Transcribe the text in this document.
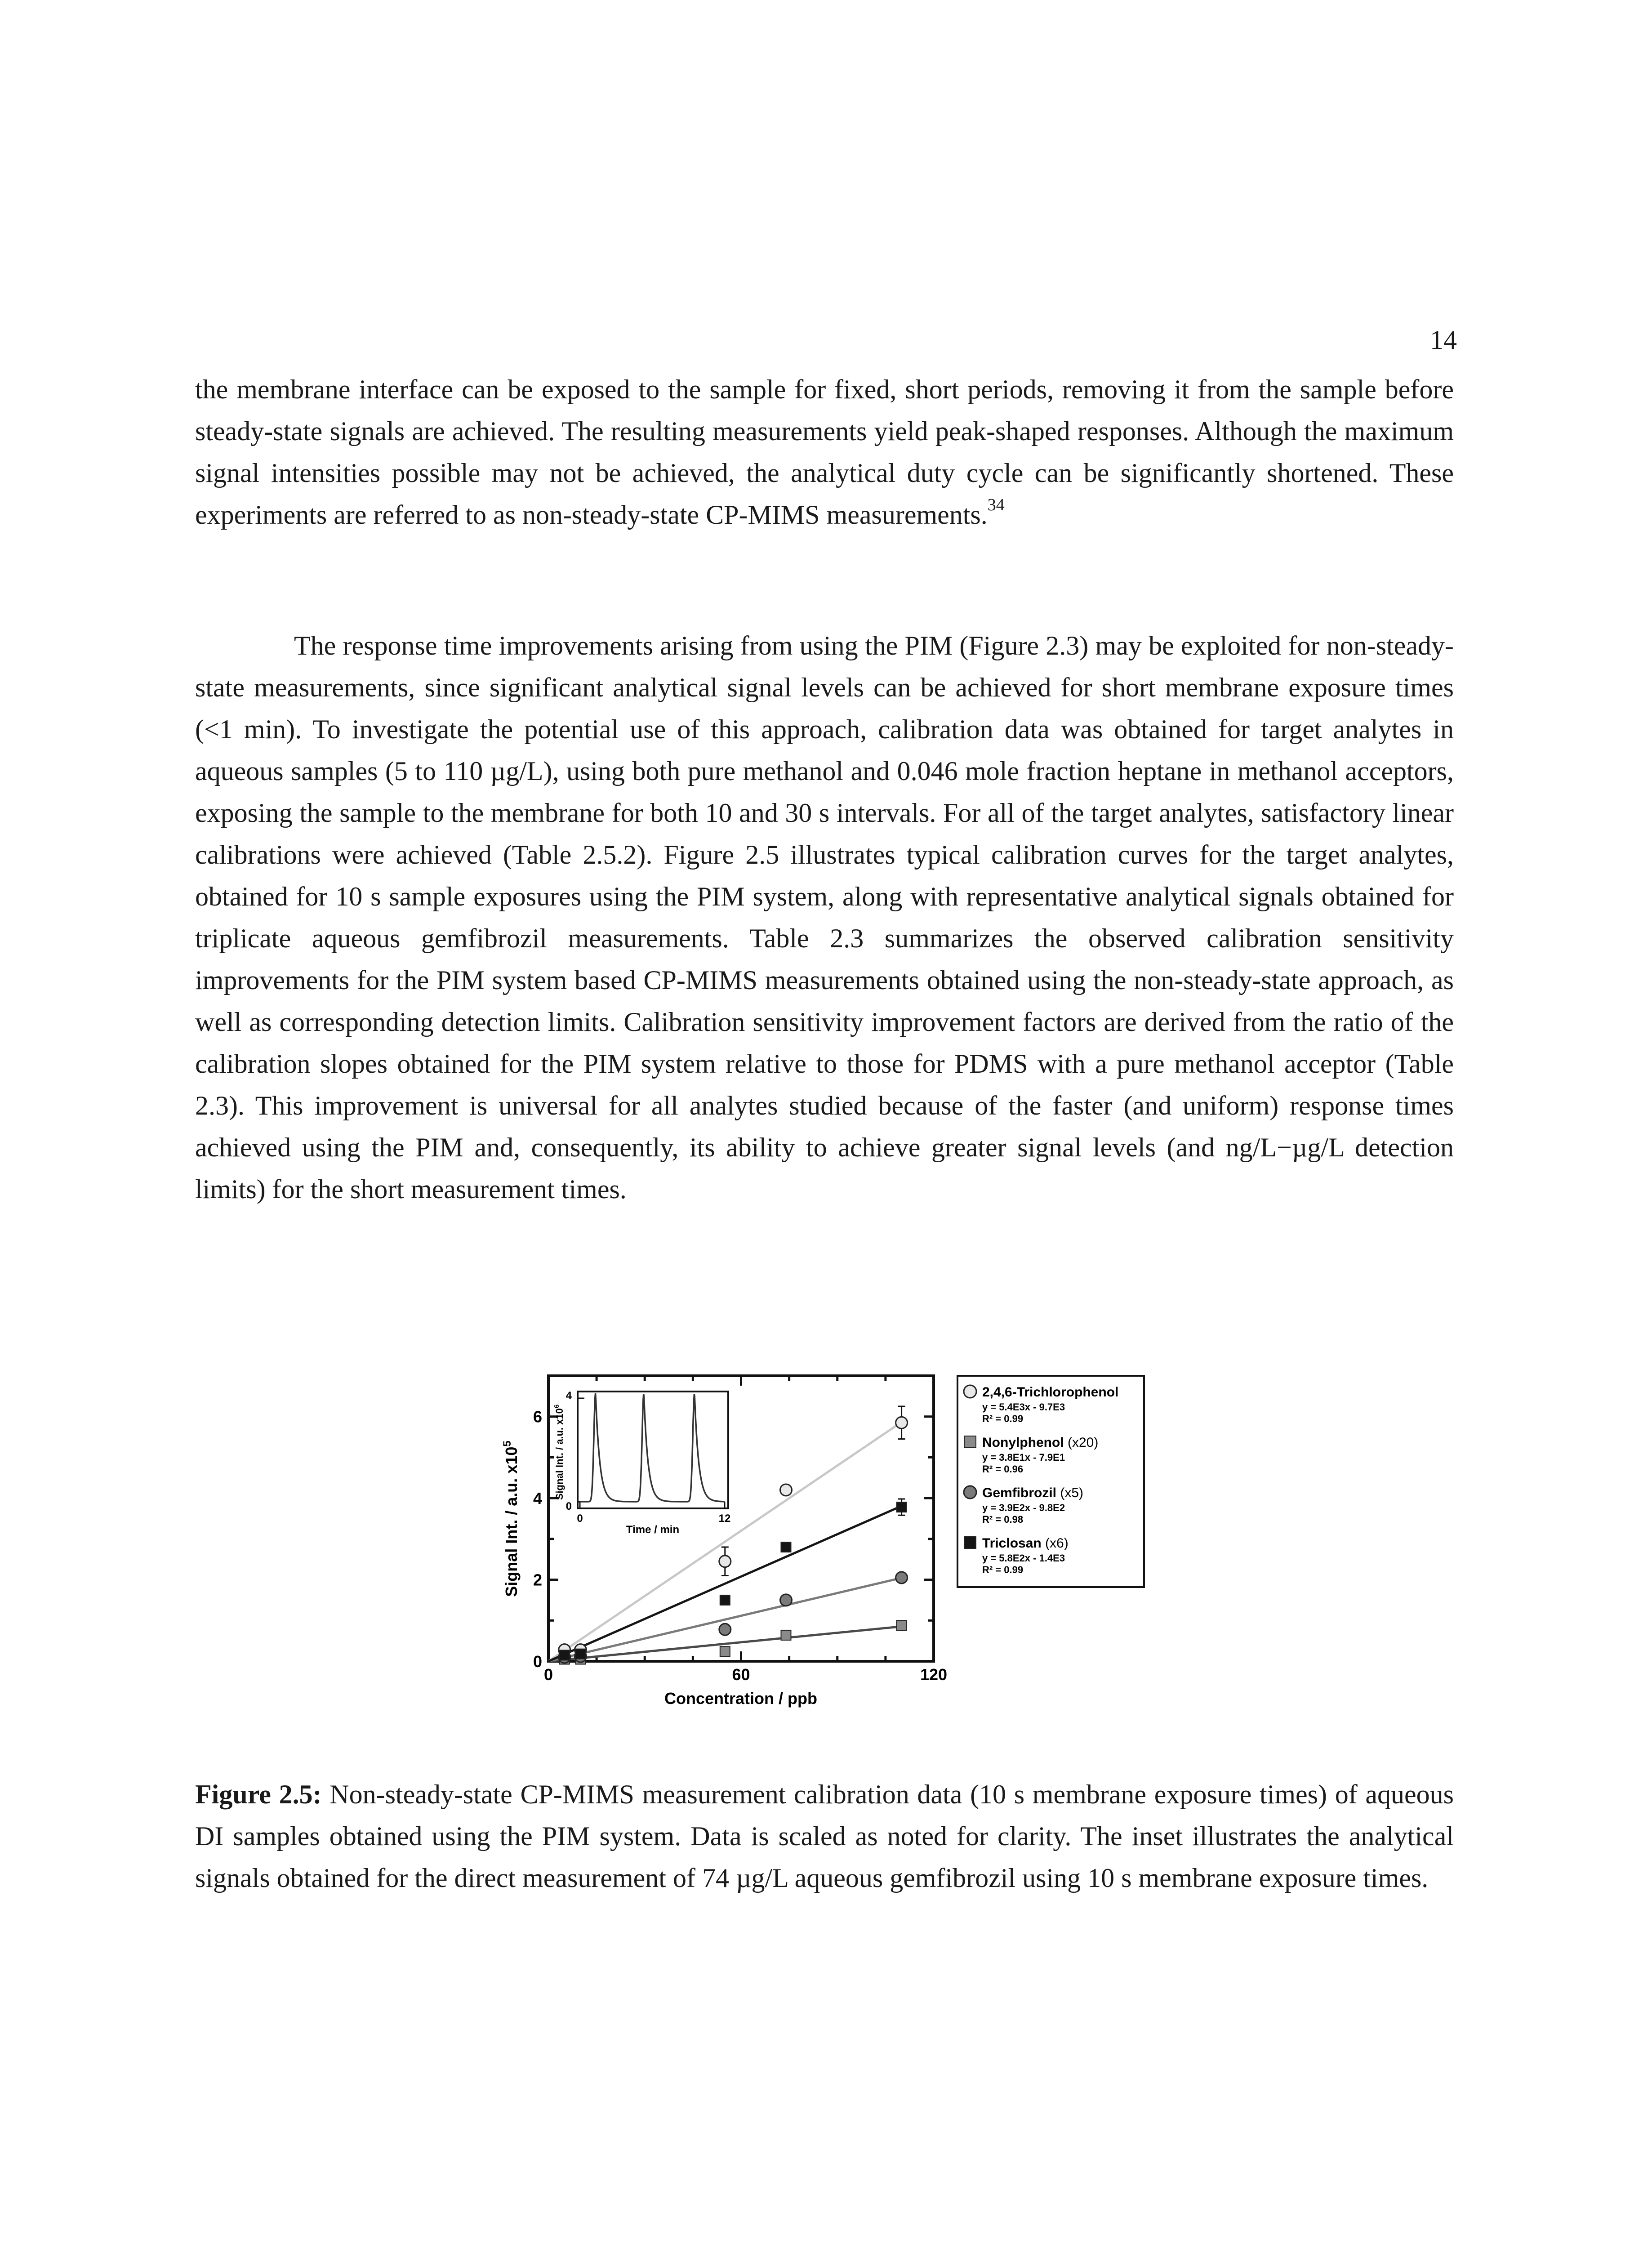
14

the membrane interface can be exposed to the sample for fixed, short periods, removing it from the sample before steady-state signals are achieved. The resulting measurements yield peak-shaped responses. Although the maximum signal intensities possible may not be achieved, the analytical duty cycle can be significantly shortened. These experiments are referred to as non-steady-state CP-MIMS measurements.$^{34}$

The response time improvements arising from using the PIM (Figure 2.3) may be exploited for non-steady-state measurements, since significant analytical signal levels can be achieved for short membrane exposure times (<1 min). To investigate the potential use of this approach, calibration data was obtained for target analytes in aqueous samples (5 to 110 µg/L), using both pure methanol and 0.046 mole fraction heptane in methanol acceptors, exposing the sample to the membrane for both 10 and 30 s intervals. For all of the target analytes, satisfactory linear calibrations were achieved (Table 2.5.2). Figure 2.5 illustrates typical calibration curves for the target analytes, obtained for 10 s sample exposures using the PIM system, along with representative analytical signals obtained for triplicate aqueous gemfibrozil measurements. Table 2.3 summarizes the observed calibration sensitivity improvements for the PIM system based CP-MIMS measurements obtained using the non-steady-state approach, as well as corresponding detection limits. Calibration sensitivity improvement factors are derived from the ratio of the calibration slopes obtained for the PIM system relative to those for PDMS with a pure methanol acceptor (Table 2.3). This improvement is universal for all analytes studied because of the faster (and uniform) response times achieved using the PIM and, consequently, its ability to achieve greater signal levels (and ng/L−µg/L detection limits) for the short measurement times.

0	60	120
0
2
4
6
Concentration / ppb
Signal Int. / a.u. $x10^5$
4
0
0	12
Time / min
Signal Int. / a.u. $x10^6$
2,4,6-Trichlorophenol
y = 5.4E3x - 9.7E3
R² = 0.99
Nonylphenol (x20)
y = 3.8E1x - 7.9E1
R² = 0.96
Gemfibrozil (x5)
y = 3.9E2x - 9.8E2
R² = 0.98
Triclosan (x6)
y = 5.8E2x - 1.4E3
R² = 0.99

Figure 2.5: Non-steady-state CP-MIMS measurement calibration data (10 s membrane exposure times) of aqueous DI samples obtained using the PIM system. Data is scaled as noted for clarity. The inset illustrates the analytical signals obtained for the direct measurement of 74 µg/L aqueous gemfibrozil using 10 s membrane exposure times.
